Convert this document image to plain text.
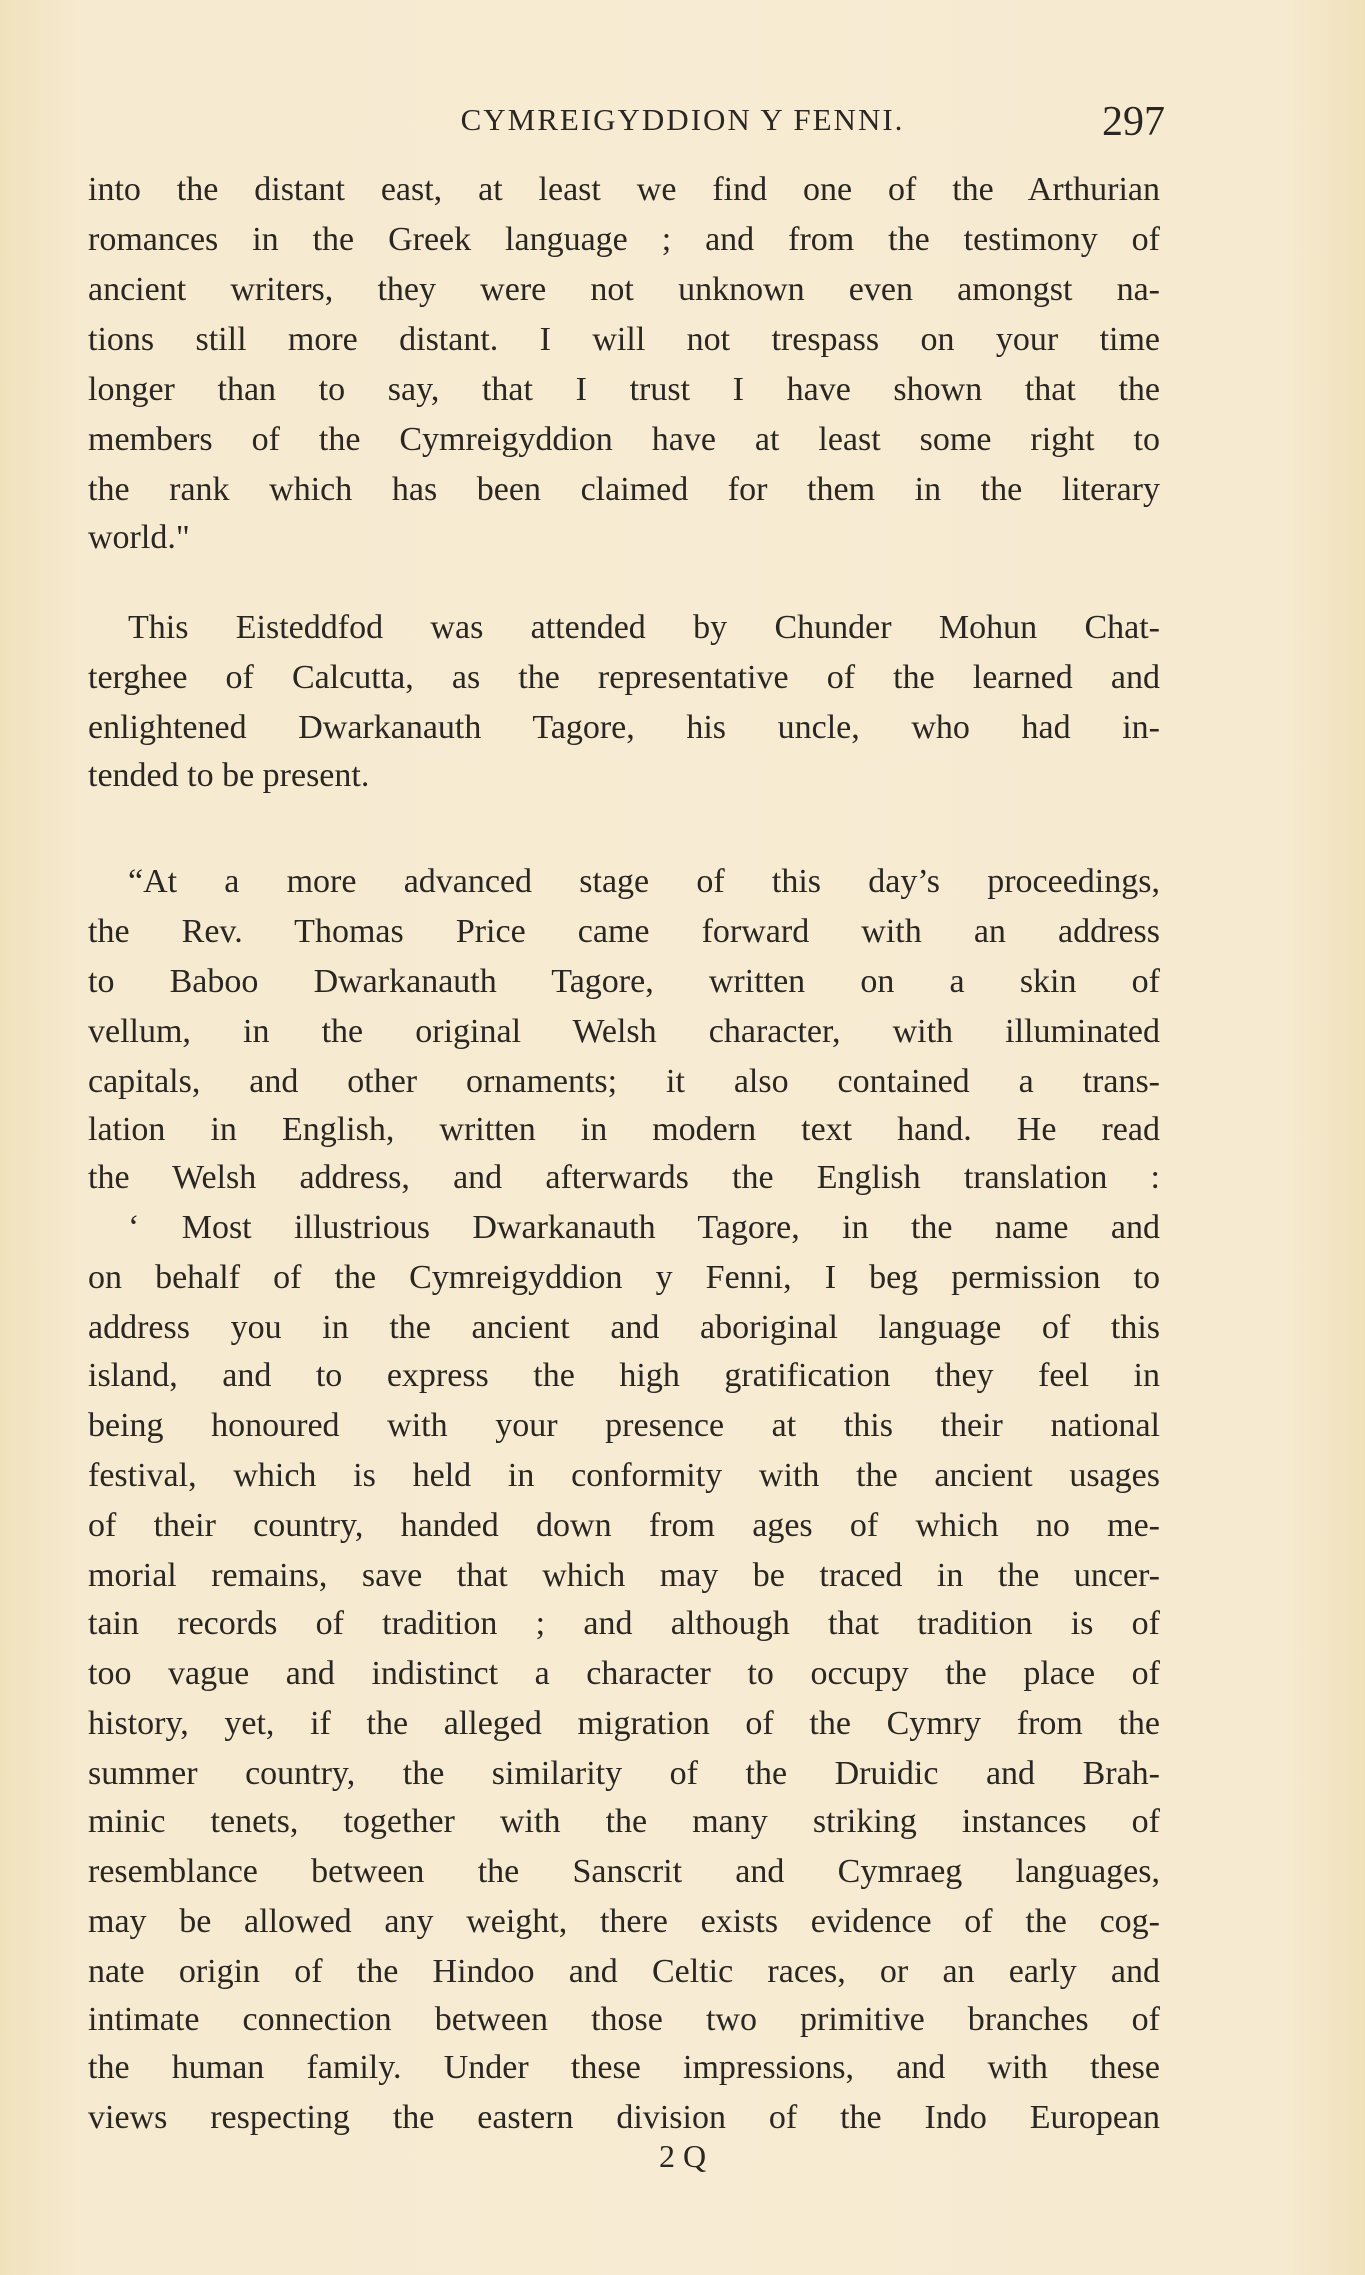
CYMREIGYDDION Y FENNI.	297
into the distant east, at least we find one of the Arthurian
romances in the Greek language ; and from the testimony of
ancient writers, they were not unknown even amongst na-
tions still more distant. I will not trespass on your time
longer than to say, that I trust I have shown that the
members of the Cymreigyddion have at least some right to
the rank which has been claimed for them in the literary
world."
This Eisteddfod was attended by Chunder Mohun Chat-
terghee of Calcutta, as the representative of the learned and
enlightened Dwarkanauth Tagore, his uncle, who had in-
tended to be present.
“At a more advanced stage of this day’s proceedings,
the Rev. Thomas Price came forward with an address
to Baboo Dwarkanauth Tagore, written on a skin of
vellum, in the original Welsh character, with illuminated
capitals, and other ornaments; it also contained a trans-
lation in English, written in modern text hand. He read
the Welsh address, and afterwards the English translation :
‘ Most illustrious Dwarkanauth Tagore, in the name and
on behalf of the Cymreigyddion y Fenni, I beg permission to
address you in the ancient and aboriginal language of this
island, and to express the high gratification they feel in
being honoured with your presence at this their national
festival, which is held in conformity with the ancient usages
of their country, handed down from ages of which no me-
morial remains, save that which may be traced in the uncer-
tain records of tradition ; and although that tradition is of
too vague and indistinct a character to occupy the place of
history, yet, if the alleged migration of the Cymry from the
summer country, the similarity of the Druidic and Brah-
minic tenets, together with the many striking instances of
resemblance between the Sanscrit and Cymraeg languages,
may be allowed any weight, there exists evidence of the cog-
nate origin of the Hindoo and Celtic races, or an early and
intimate connection between those two primitive branches of
the human family. Under these impressions, and with these
views respecting the eastern division of the Indo European
2 Q
